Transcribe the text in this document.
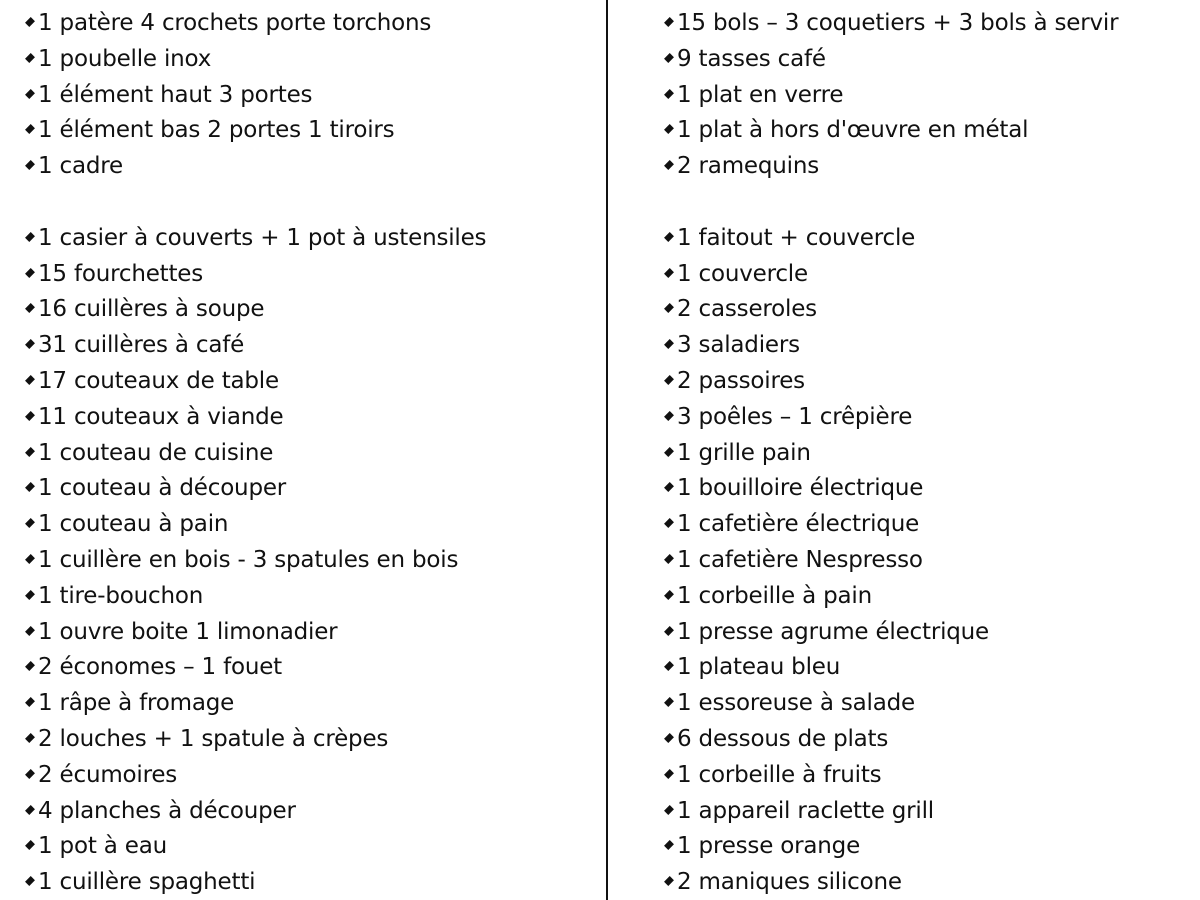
1 patère 4 crochets porte torchons
1 poubelle inox
1 élément haut 3 portes
1 élément bas 2 portes 1 tiroirs
1 cadre
1 casier à couverts + 1 pot à ustensiles
15 fourchettes
16 cuillères à soupe
31 cuillères à café
17 couteaux de table
11 couteaux à viande
1 couteau de cuisine
1 couteau à découper
1 couteau à pain
1 cuillère en bois - 3 spatules en bois
1 tire-bouchon
1 ouvre boite 1 limonadier
2 économes – 1 fouet
1 râpe à fromage
2 louches + 1 spatule à crèpes
2 écumoires
4 planches à découper
1 pot à eau
1 cuillère spaghetti
15 bols – 3 coquetiers + 3 bols à servir
9 tasses café
1 plat en verre
1 plat à hors d'œuvre en métal
2 ramequins
1 faitout + couvercle
1 couvercle
2 casseroles
3 saladiers
2 passoires
3 poêles – 1 crêpière
1 grille pain
1 bouilloire électrique
1 cafetière électrique
1 cafetière Nespresso
1 corbeille à pain
1 presse agrume électrique
1 plateau bleu
1 essoreuse à salade
6 dessous de plats
1 corbeille à fruits
1 appareil raclette grill
1 presse orange
2 maniques silicone
